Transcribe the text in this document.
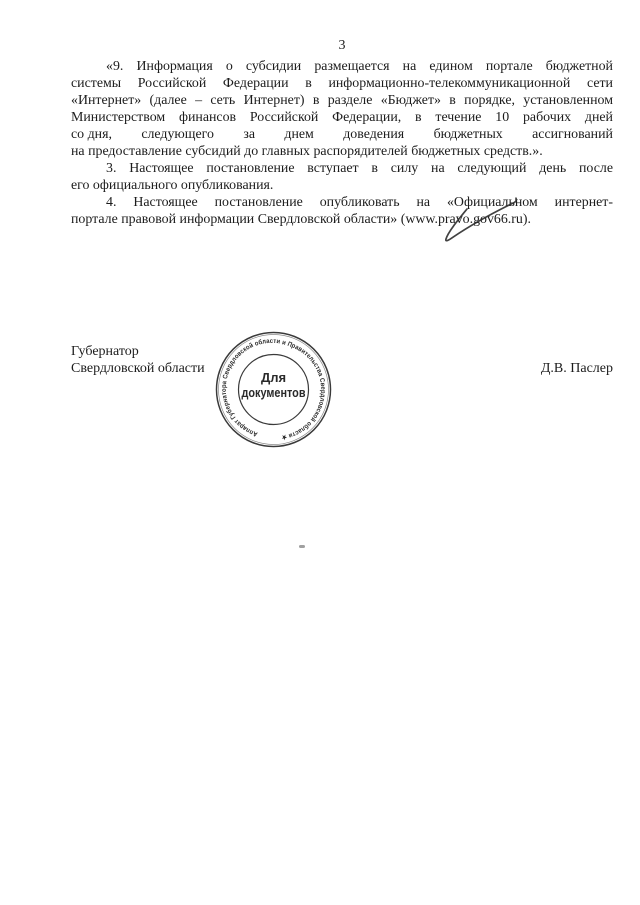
3
«9. Информация о субсидии размещается на едином портале бюджетной
системы Российской Федерации в информационно-телекоммуникационной сети
«Интернет» (далее – сеть Интернет) в разделе «Бюджет» в порядке, установленном
Министерством финансов Российской Федерации, в течение 10 рабочих дней
со дня, следующего за днем доведения бюджетных ассигнований
на предоставление субсидий до главных распорядителей бюджетных средств.».
3. Настоящее постановление вступает в силу на следующий день после
его официального опубликования.
4. Настоящее постановление опубликовать на «Официальном интернет-
портале правовой информации Свердловской области» (www.pravo.gov66.ru).
Губернатор
Свердловской области	Д.В. Паслер
Аппарат Губернатора Свердловской области и Правительства Свердловской области ★
Для
документов
